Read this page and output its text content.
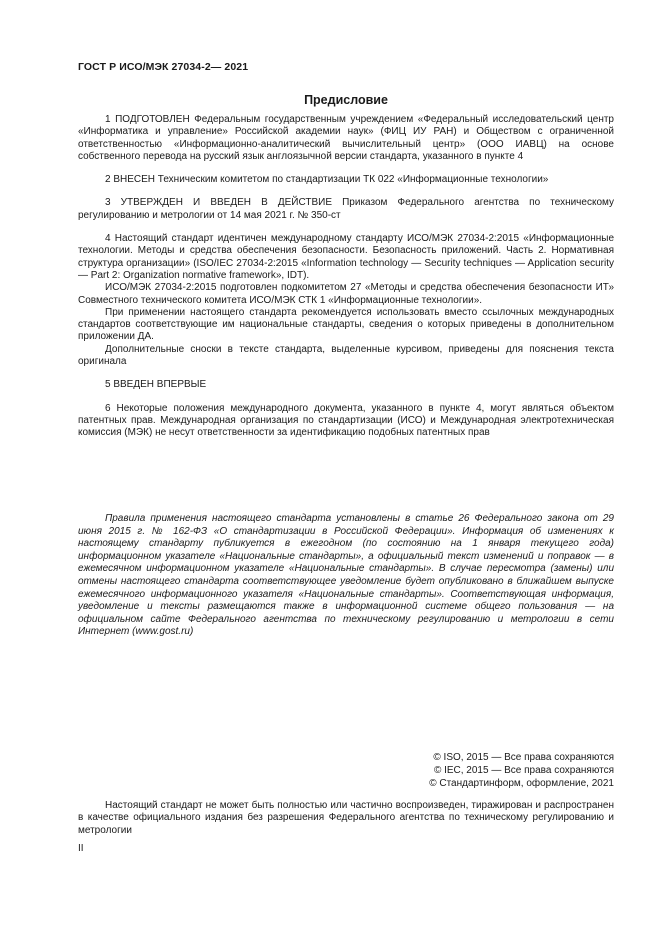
ГОСТ Р ИСО/МЭК 27034-2— 2021
Предисловие

1 ПОДГОТОВЛЕН Федеральным государственным учреждением «Федеральный исследовательский центр «Информатика и управление» Российской академии наук» (ФИЦ ИУ РАН) и Обществом с ограниченной ответственностью «Информационно-аналитический вычислительный центр» (ООО ИАВЦ) на основе собственного перевода на русский язык англоязычной версии стандарта, указанного в пункте 4

2 ВНЕСЕН Техническим комитетом по стандартизации ТК 022 «Информационные технологии»

3 УТВЕРЖДЕН И ВВЕДЕН В ДЕЙСТВИЕ Приказом Федерального агентства по техническому регулированию и метрологии от 14 мая 2021 г. № 350-ст

4 Настоящий стандарт идентичен международному стандарту ИСО/МЭК 27034-2:2015 «Информационные технологии. Методы и средства обеспечения безопасности. Безопасность приложений. Часть 2. Нормативная структура организации» (ISO/IEC 27034-2:2015 «Information technology — Security techniques — Application security — Part 2: Organization normative framework», IDT).

ИСО/МЭК 27034-2:2015 подготовлен подкомитетом 27 «Методы и средства обеспечения безопасности ИТ» Совместного технического комитета ИСО/МЭК СТК 1 «Информационные технологии».

При применении настоящего стандарта рекомендуется использовать вместо ссылочных международных стандартов соответствующие им национальные стандарты, сведения о которых приведены в дополнительном приложении ДА.

Дополнительные сноски в тексте стандарта, выделенные курсивом, приведены для пояснения текста оригинала

5 ВВЕДЕН ВПЕРВЫЕ

6 Некоторые положения международного документа, указанного в пункте 4, могут являться объектом патентных прав. Международная организация по стандартизации (ИСО) и Международная электротехническая комиссия (МЭК) не несут ответственности за идентификацию подобных патентных прав

Правила применения настоящего стандарта установлены в статье 26 Федерального закона от 29 июня 2015 г. № 162-ФЗ «О стандартизации в Российской Федерации». Информация об изменениях к настоящему стандарту публикуется в ежегодном (по состоянию на 1 января текущего года) информационном указателе «Национальные стандарты», а официальный текст изменений и поправок — в ежемесячном информационном указателе «Национальные стандарты». В случае пересмотра (замены) или отмены настоящего стандарта соответствующее уведомление будет опубликовано в ближайшем выпуске ежемесячного информационного указателя «Национальные стандарты». Соответствующая информация, уведомление и тексты размещаются также в информационной системе общего пользования — на официальном сайте Федерального агентства по техническому регулированию и метрологии в сети Интернет (www.gost.ru)

© ISO, 2015 — Все права сохраняются
© IEC, 2015 — Все права сохраняются
© Стандартинформ, оформление, 2021

Настоящий стандарт не может быть полностью или частично воспроизведен, тиражирован и распространен в качестве официального издания без разрешения Федерального агентства по техническому регулированию и метрологии

II
